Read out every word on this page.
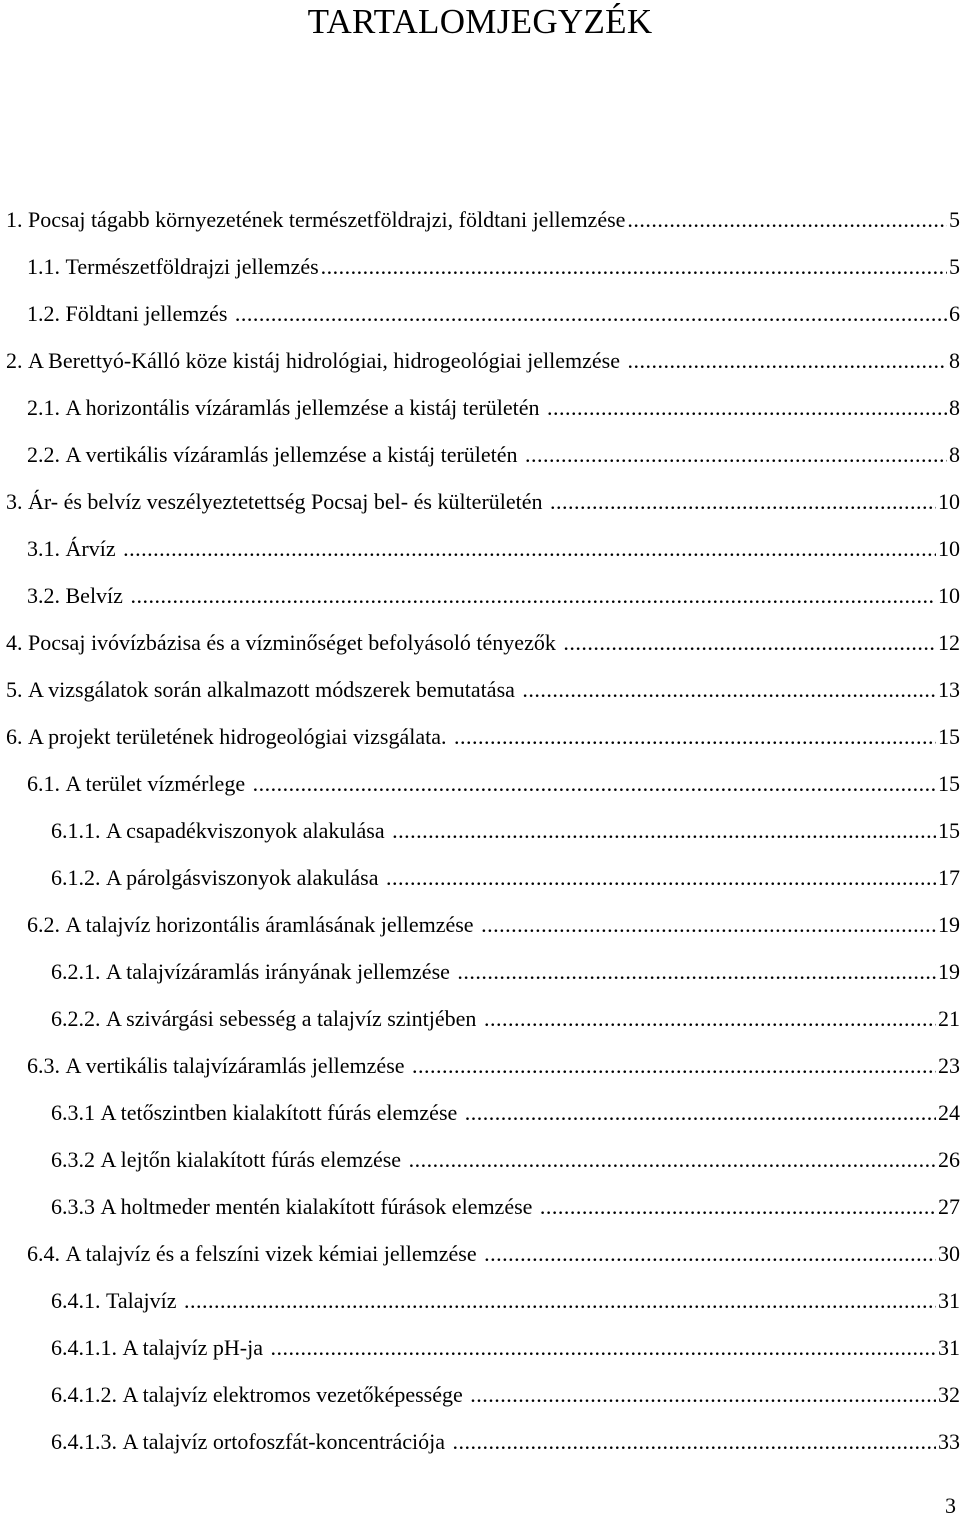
TARTALOMJEGYZÉK
1. Pocsaj tágabb környezetének természetföldrajzi, földtani jellemzése .....	5
1.1. Természetföldrajzi jellemzés .....	5
1.2. Földtani jellemzés .....	6
2. A Berettyó-Kálló köze kistáj hidrológiai, hidrogeológiai jellemzése .....	8
2.1. A horizontális vízáramlás jellemzése a kistáj területén .....	8
2.2. A vertikális vízáramlás jellemzése a kistáj területén .....	8
3. Ár- és belvíz veszélyeztetettség Pocsaj bel- és külterületén .....	10
3.1. Árvíz .....	10
3.2. Belvíz .....	10
4. Pocsaj ivóvízbázisa és a vízminőséget befolyásoló tényezők .....	12
5. A vizsgálatok során alkalmazott módszerek bemutatása .....	13
6. A projekt területének hidrogeológiai vizsgálata. .....	15
6.1. A terület vízmérlege .....	15
6.1.1. A csapadékviszonyok alakulása .....	15
6.1.2. A párolgásviszonyok alakulása .....	17
6.2. A talajvíz horizontális áramlásának jellemzése .....	19
6.2.1. A talajvízáramlás irányának jellemzése .....	19
6.2.2. A szivárgási sebesség a talajvíz szintjében .....	21
6.3. A vertikális talajvízáramlás jellemzése .....	23
6.3.1 A tetőszintben kialakított fúrás elemzése .....	24
6.3.2 A lejtőn kialakított fúrás elemzése .....	26
6.3.3 A holtmeder mentén kialakított fúrások elemzése .....	27
6.4. A talajvíz és a felszíni vizek kémiai jellemzése .....	30
6.4.1. Talajvíz .....	31
6.4.1.1. A talajvíz pH-ja .....	31
6.4.1.2. A talajvíz elektromos vezetőképessége .....	32
6.4.1.3. A talajvíz ortofoszfát-koncentrációja .....	33
3
